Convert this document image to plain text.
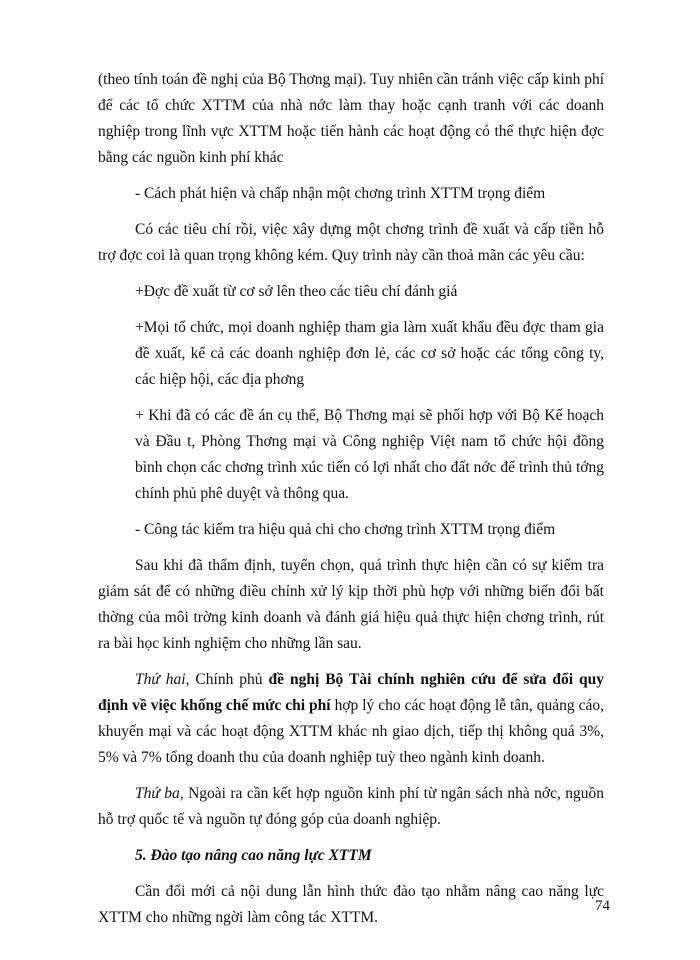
(theo tính toán đề nghị của Bộ Thơng mại). Tuy nhiên cần tránh việc cấp kinh phí để các tổ chức XTTM của nhà nớc làm thay hoặc cạnh tranh với các doanh nghiệp trong lĩnh vực XTTM hoặc tiến hành các hoạt động có thể thực hiện đợc bằng các nguồn kinh phí khác

- Cách phát hiện và chấp nhận một chơng trình XTTM trọng điểm

Có các tiêu chí rồi, việc xây dựng một chơng trình đề xuất và cấp tiền hỗ trợ đợc coi là quan trọng không kém. Quy trình này cần thoả mãn các yêu cầu:

+Đợc đề xuất từ cơ sở lên theo các tiêu chí đánh giá

+Mọi tổ chức, mọi doanh nghiệp tham gia làm xuất khẩu đều đợc tham gia đề xuất, kể cả các doanh nghiệp đơn lẻ, các cơ sở hoặc các tổng công ty, các hiệp hội, các địa phơng

+ Khi đã có các đề án cụ thể, Bộ Thơng mại sẽ phối hợp với Bộ Kế hoạch và Đầu t, Phòng Thơng mại và Công nghiệp Việt nam tổ chức hội đồng bình chọn các chơng trình xúc tiến có lợi nhất cho đất nớc để trình thủ tớng chính phủ phê duyệt và thông qua.

- Công tác kiểm tra hiệu quả chi cho chơng trình XTTM trọng điểm

Sau khi đã thẩm định, tuyển chọn, quá trình thực hiện cần có sự kiểm tra giám sát để có những điều chỉnh xử lý kịp thời phù hợp với những biến đổi bất thờng của môi trờng kinh doanh và đánh giá hiệu quả thực hiện chơng trình, rút ra bài học kinh nghiệm cho những lần sau.

Thứ hai, Chính phủ đề nghị Bộ Tài chính nghiên cứu để sửa đổi quy định về việc khống chế mức chi phí hợp lý cho các hoạt động lễ tân, quảng cáo, khuyến mại và các hoạt động XTTM khác nh giao dịch, tiếp thị không quá 3%, 5% và 7% tổng doanh thu của doanh nghiệp tuỳ theo ngành kinh doanh.

Thứ ba, Ngoài ra cần kết hợp nguồn kinh phí từ ngân sách nhà nớc, nguồn hỗ trợ quốc tế và nguồn tự đóng góp của doanh nghiệp.

5. Đào tạo nâng cao năng lực XTTM

Cần đổi mới cả nội dung lẫn hình thức đào tạo nhằm nâng cao năng lực XTTM cho những ngời làm công tác XTTM.

74
